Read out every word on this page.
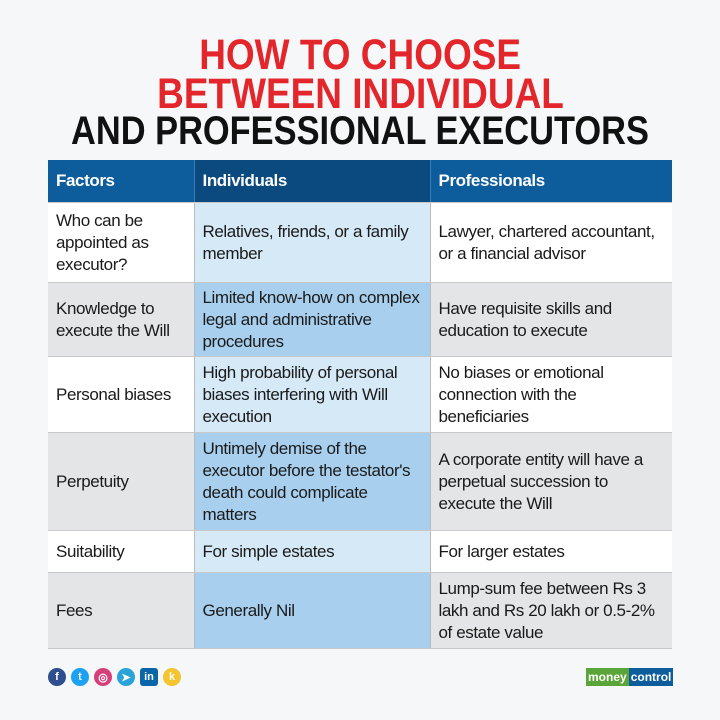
HOW TO CHOOSE
BETWEEN INDIVIDUAL
AND PROFESSIONAL EXECUTORS
Factors	Individuals	Professionals
Who can be appointed as executor?	Relatives, friends, or a family member	Lawyer, chartered accountant, or a financial advisor
Knowledge to execute the Will	Limited know-how on complex legal and administrative procedures	Have requisite skills and education to execute
Personal biases	High probability of personal biases interfering with Will execution	No biases or emotional connection with the beneficiaries
Perpetuity	Untimely demise of the executor before the testator's death could complicate matters	A corporate entity will have a perpetual succession to execute the Will
Suitability	For simple estates	For larger estates
Fees	Generally Nil	Lump-sum fee between Rs 3 lakh and Rs 20 lakh or 0.5-2% of estate value
f	t	◎	➤	in	k	money control
